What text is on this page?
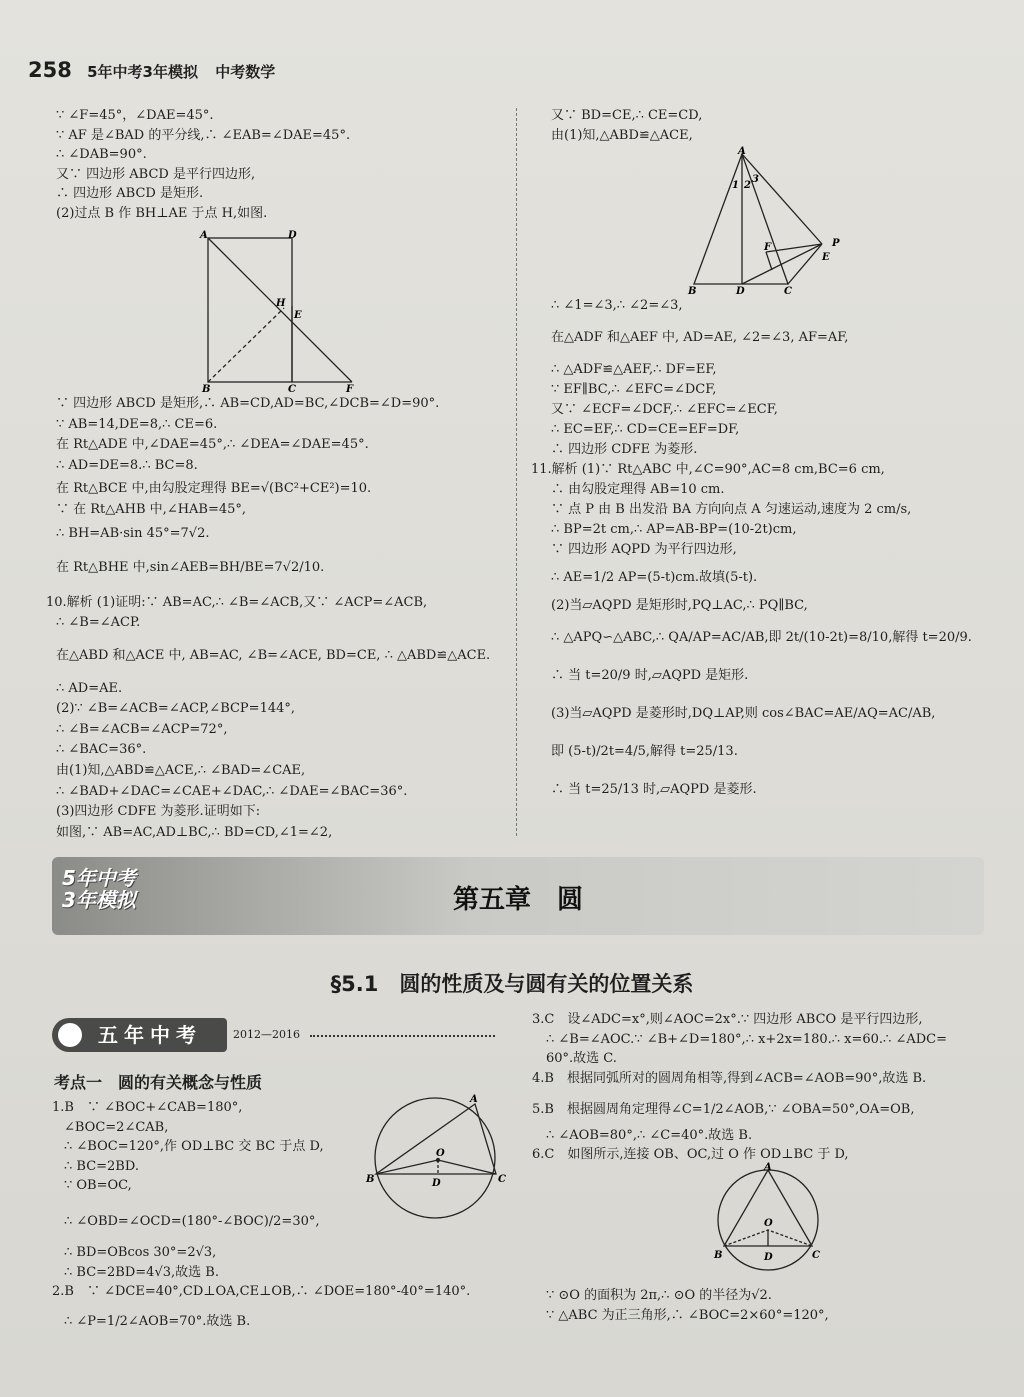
258 5年中考3年模拟 中考数学
∵ ∠F=45°，∠DAE=45°.
∵ AF 是∠BAD 的平分线,∴ ∠EAB=∠DAE=45°.
∴ ∠DAB=90°.
又∵ 四边形 ABCD 是平行四边形,
∴ 四边形 ABCD 是矩形.
(2)过点 B 作 BH⊥AE 于点 H,如图.
A	D
H
E
B	C	F
∵ 四边形 ABCD 是矩形,∴ AB=CD,AD=BC,∠DCB=∠D=90°.
∵ AB=14,DE=8,∴ CE=6.
在 Rt△ADE 中,∠DAE=45°,∴ ∠DEA=∠DAE=45°.
∴ AD=DE=8.∴ BC=8.
在 Rt△BCE 中,由勾股定理得 BE=√(BC²+CE²)=10.
∵ 在 Rt△AHB 中,∠HAB=45°,
∴ BH=AB·sin 45°=7√2.
在 Rt△BHE 中,sin∠AEB=BH/BE=7√2/10.
10.解析 (1)证明:∵ AB=AC,∴ ∠B=∠ACB,又∵ ∠ACP=∠ACB,
∴ ∠B=∠ACP.
在△ABD 和△ACE 中, AB=AC, ∠B=∠ACE, BD=CE, ∴ △ABD≌△ACE.
∴ AD=AE.
(2)∵ ∠B=∠ACB=∠ACP,∠BCP=144°,
∴ ∠B=∠ACB=∠ACP=72°,
∴ ∠BAC=36°.
由(1)知,△ABD≌△ACE,∴ ∠BAD=∠CAE,
∴ ∠BAD+∠DAC=∠CAE+∠DAC,∴ ∠DAE=∠BAC=36°.
(3)四边形 CDFE 为菱形.证明如下:
如图,∵ AB=AC,AD⊥BC,∴ BD=CD,∠1=∠2,
又∵ BD=CE,∴ CE=CD,
由(1)知,△ABD≌△ACE,
A
1 2
3
F	P
E
B	D	C
∴ ∠1=∠3,∴ ∠2=∠3,
在△ADF 和△AEF 中, AD=AE, ∠2=∠3, AF=AF,
∴ △ADF≌△AEF,∴ DF=EF,
∵ EF∥BC,∴ ∠EFC=∠DCF,
又∵ ∠ECF=∠DCF,∴ ∠EFC=∠ECF,
∴ EC=EF,∴ CD=CE=EF=DF,
∴ 四边形 CDFE 为菱形.
11.解析 (1)∵ Rt△ABC 中,∠C=90°,AC=8 cm,BC=6 cm,
∴ 由勾股定理得 AB=10 cm.
∵ 点 P 由 B 出发沿 BA 方向向点 A 匀速运动,速度为 2 cm/s,
∴ BP=2t cm,∴ AP=AB-BP=(10-2t)cm,
∵ 四边形 AQPD 为平行四边形,
∴ AE=1/2 AP=(5-t)cm.故填(5-t).
(2)当▱AQPD 是矩形时,PQ⊥AC,∴ PQ∥BC,
∴ △APQ∽△ABC,∴ QA/AP=AC/AB,即 2t/(10-2t)=8/10,解得 t=20/9.
∴ 当 t=20/9 时,▱AQPD 是矩形.
(3)当▱AQPD 是菱形时,DQ⊥AP,则 cos∠BAC=AE/AQ=AC/AB,
即 (5-t)/2t=4/5,解得 t=25/13.
∴ 当 t=25/13 时,▱AQPD 是菱形.
5年中考
3年模拟	第五章　圆
§5.1　圆的性质及与圆有关的位置关系
五年中考	2012—2016
考点一　圆的有关概念与性质
1.B　∵ ∠BOC+∠CAB=180°,
∠BOC=2∠CAB,
∴ ∠BOC=120°,作 OD⊥BC 交 BC 于点 D,
∴ BC=2BD.
∵ OB=OC,
∴ ∠OBD=∠OCD=(180°-∠BOC)/2=30°,
∴ BD=OBcos 30°=2√3,
∴ BC=2BD=4√3,故选 B.
2.B　∵ ∠DCE=40°,CD⊥OA,CE⊥OB,∴ ∠DOE=180°-40°=140°.
∴ ∠P=1/2∠AOB=70°.故选 B.
A
O
D
B	C
3.C　设∠ADC=x°,则∠AOC=2x°.∵ 四边形 ABCO 是平行四边形,
∴ ∠B=∠AOC.∵ ∠B+∠D=180°,∴ x+2x=180.∴ x=60.∴ ∠ADC=
60°.故选 C.
4.B　根据同弧所对的圆周角相等,得到∠ACB=∠AOB=90°,故选 B.
5.B　根据圆周角定理得∠C=1/2∠AOB,∵ ∠OBA=50°,OA=OB,
∴ ∠AOB=80°,∴ ∠C=40°.故选 B.
6.C　如图所示,连接 OB、OC,过 O 作 OD⊥BC 于 D,
A
O
B	D	C
∵ ⊙O 的面积为 2π,∴ ⊙O 的半径为√2.
∵ △ABC 为正三角形,∴ ∠BOC=2×60°=120°,
